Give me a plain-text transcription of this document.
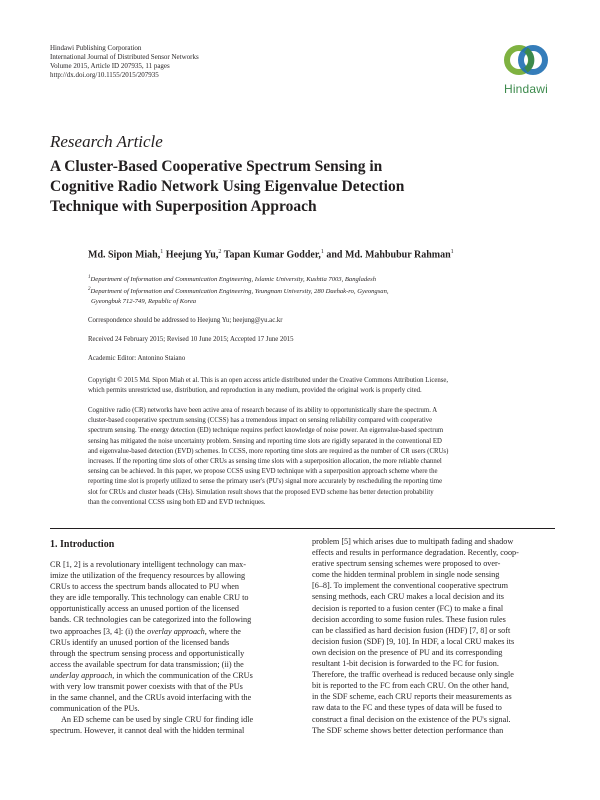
Hindawi Publishing Corporation
International Journal of Distributed Sensor Networks
Volume 2015, Article ID 207935, 11 pages
http://dx.doi.org/10.1155/2015/207935
Hindawi
Research Article
A Cluster-Based Cooperative Spectrum Sensing in
Cognitive Radio Network Using Eigenvalue Detection
Technique with Superposition Approach
Md. Sipon Miah,$^1$ Heejung Yu,$^2$ Tapan Kumar Godder,$^1$ and Md. Mahbubur Rahman$^1$
$^1$Department of Information and Communication Engineering, Islamic University, Kushtia 7003, Bangladesh
$^2$Department of Information and Communication Engineering, Yeungnam University, 280 Daehak-ro, Gyeongsan,
Gyeongbuk 712-749, Republic of Korea
Correspondence should be addressed to Heejung Yu; heejung@yu.ac.kr
Received 24 February 2015; Revised 10 June 2015; Accepted 17 June 2015
Academic Editor: Antonino Staiano
Copyright © 2015 Md. Sipon Miah et al. This is an open access article distributed under the Creative Commons Attribution License,
which permits unrestricted use, distribution, and reproduction in any medium, provided the original work is properly cited.
Cognitive radio (CR) networks have been active area of research because of its ability to opportunistically share the spectrum. A
cluster-based cooperative spectrum sensing (CCSS) has a tremendous impact on sensing reliability compared with cooperative
spectrum sensing. The energy detection (ED) technique requires perfect knowledge of noise power. An eigenvalue-based spectrum
sensing has mitigated the noise uncertainty problem. Sensing and reporting time slots are rigidly separated in the conventional ED
and eigenvalue-based detection (EVD) schemes. In CCSS, more reporting time slots are required as the number of CR users (CRUs)
increases. If the reporting time slots of other CRUs as sensing time slots with a superposition allocation, the more reliable channel
sensing can be achieved. In this paper, we propose CCSS using EVD technique with a superposition approach scheme where the
reporting time slot is properly utilized to sense the primary user's (PU's) signal more accurately by rescheduling the reporting time
slot for CRUs and cluster heads (CHs). Simulation result shows that the proposed EVD scheme has better detection probability
than the conventional CCSS using both ED and EVD techniques.
1. Introduction
CR [1, 2] is a revolutionary intelligent technology can max-
imize the utilization of the frequency resources by allowing
CRUs to access the spectrum bands allocated to PU when
they are idle temporally. This technology can enable CRU to
opportunistically access an unused portion of the licensed
bands. CR technologies can be categorized into the following
two approaches [3, 4]: (i) the overlay approach, where the
CRUs identify an unused portion of the licensed bands
through the spectrum sensing process and opportunistically
access the available spectrum for data transmission; (ii) the
underlay approach, in which the communication of the CRUs
with very low transmit power coexists with that of the PUs
in the same channel, and the CRUs avoid interfacing with the
communication of the PUs.
An ED scheme can be used by single CRU for finding idle
spectrum. However, it cannot deal with the hidden terminal
problem [5] which arises due to multipath fading and shadow
effects and results in performance degradation. Recently, coop-
erative spectrum sensing schemes were proposed to over-
come the hidden terminal problem in single node sensing
[6–8]. To implement the conventional cooperative spectrum
sensing methods, each CRU makes a local decision and its
decision is reported to a fusion center (FC) to make a final
decision according to some fusion rules. These fusion rules
can be classified as hard decision fusion (HDF) [7, 8] or soft
decision fusion (SDF) [9, 10]. In HDF, a local CRU makes its
own decision on the presence of PU and its corresponding
resultant 1-bit decision is forwarded to the FC for fusion.
Therefore, the traffic overhead is reduced because only single
bit is reported to the FC from each CRU. On the other hand,
in the SDF scheme, each CRU reports their measurements as
raw data to the FC and these types of data will be fused to
construct a final decision on the existence of the PU's signal.
The SDF scheme shows better detection performance than
